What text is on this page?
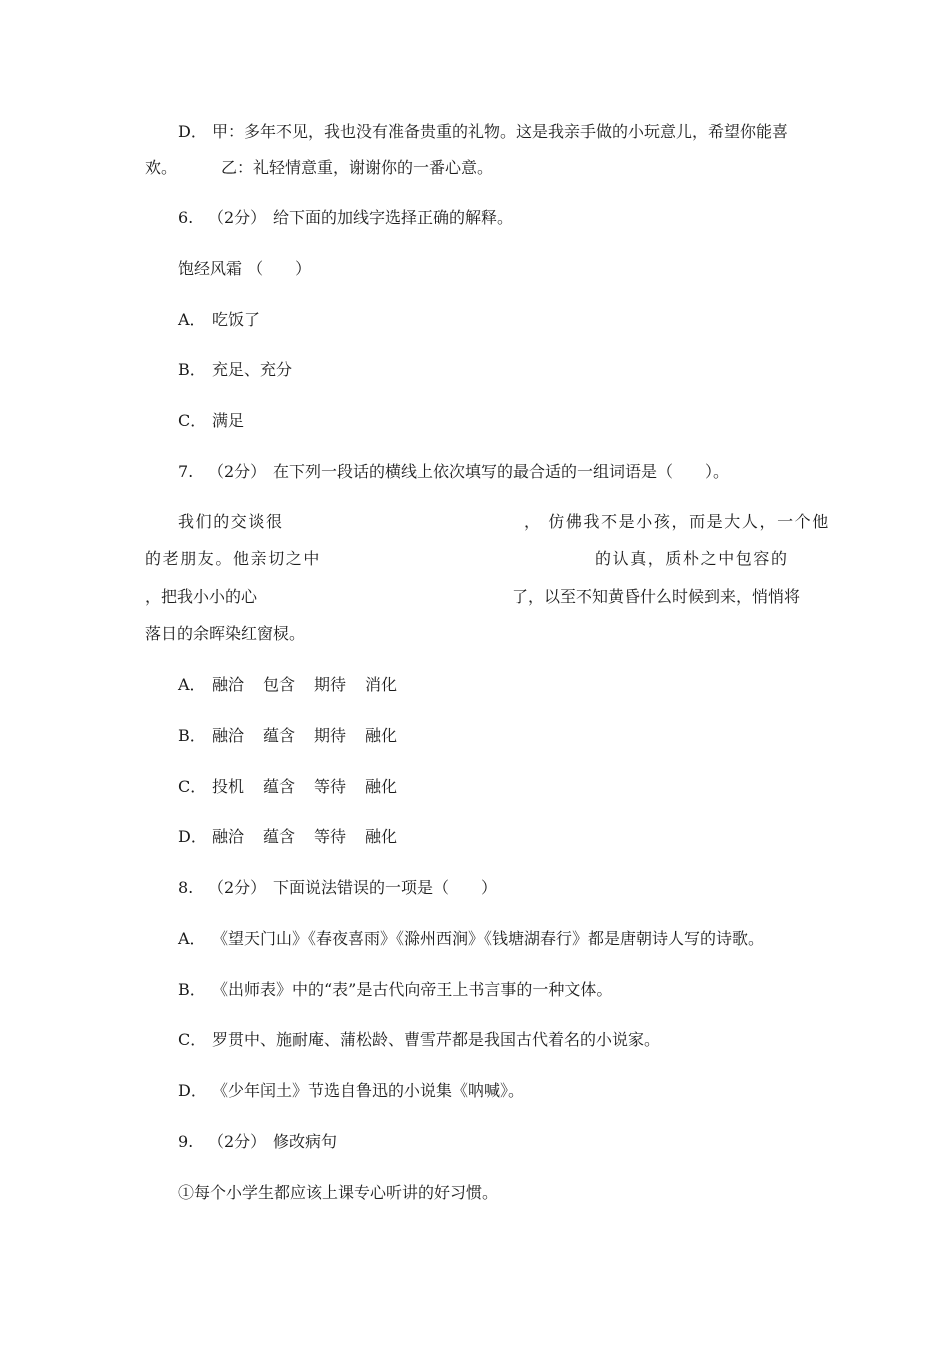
D． 甲：多年不见，我也没有准备贵重的礼物。这是我亲手做的小玩意儿，希望你能喜
欢。	乙：礼轻情意重，谢谢你的一番心意。
6. （2分） 给下面的加线字选择正确的解释。
饱经风霜 （　　）
A． 吃饭了
B． 充足、充分
C． 满足
7. （2分） 在下列一段话的横线上依次填写的最合适的一组词语是（　　）。
我们的交谈很	， 仿佛我不是小孩，而是大人，一个他
的老朋友。他亲切之中	的认真，质朴之中包容的
，把我小小的心	了，以至不知黄昏什么时候到来，悄悄将
落日的余晖染红窗棂。
A． 融洽 包含 期待 消化
B． 融洽 蕴含 期待 融化
C． 投机 蕴含 等待 融化
D． 融洽 蕴含 等待 融化
8. （2分） 下面说法错误的一项是（　　）
A． 《望天门山》《春夜喜雨》《滁州西涧》《钱塘湖春行》都是唐朝诗人写的诗歌。
B． 《出师表》中的“表”是古代向帝王上书言事的一种文体。
C． 罗贯中、施耐庵、蒲松龄、曹雪芹都是我国古代着名的小说家。
D． 《少年闰土》节选自鲁迅的小说集《呐喊》。
9. （2分） 修改病句
①每个小学生都应该上课专心听讲的好习惯。
